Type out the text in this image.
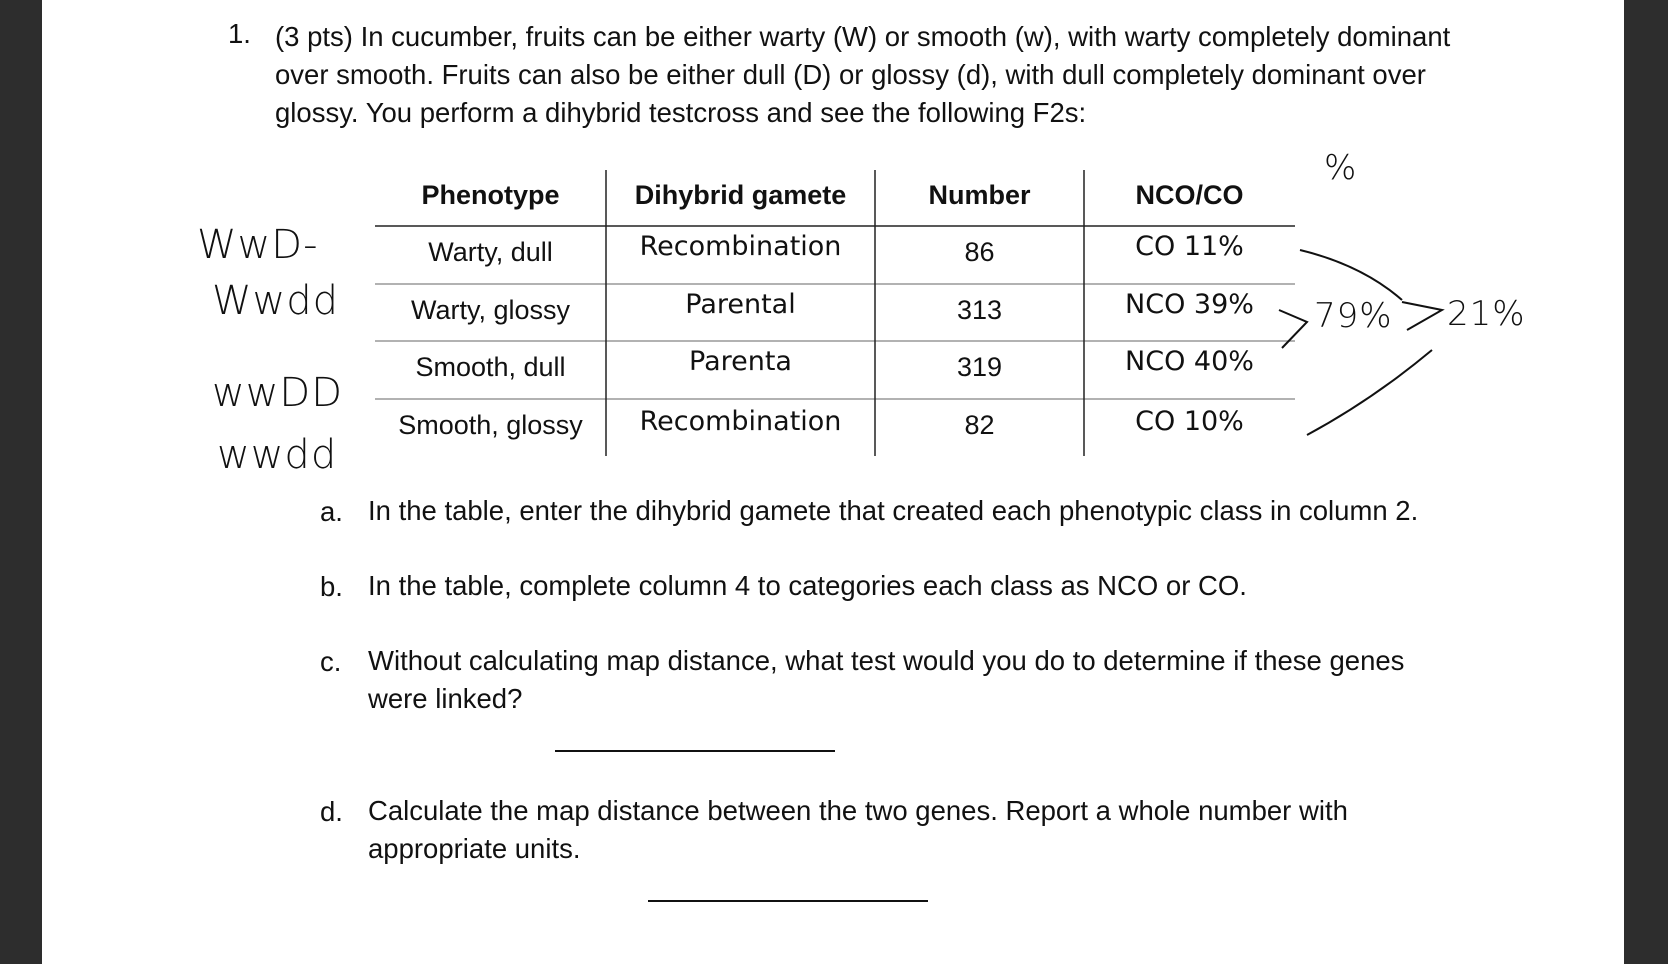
1. (3 pts) In cucumber, fruits can be either warty (W) or smooth (w), with warty completely dominant over smooth. Fruits can also be either dull (D) or glossy (d), with dull completely dominant over glossy. You perform a dihybrid testcross and see the following F2s:
WwD-
Wwdd
wwDD
wwdd
Phenotype	Dihybrid gamete	Number	NCO/CO
Warty, dull	Recombination	86	CO 11%
Warty, glossy	Parental	313	NCO 39%
Smooth, dull	Parenta	319	NCO 40%
Smooth, glossy	Recombination	82	CO 10%
%
79% 21%
a. In the table, enter the dihybrid gamete that created each phenotypic class in column 2.
b. In the table, complete column 4 to categories each class as NCO or CO.
c. Without calculating map distance, what test would you do to determine if these genes were linked?
d. Calculate the map distance between the two genes. Report a whole number with appropriate units.
